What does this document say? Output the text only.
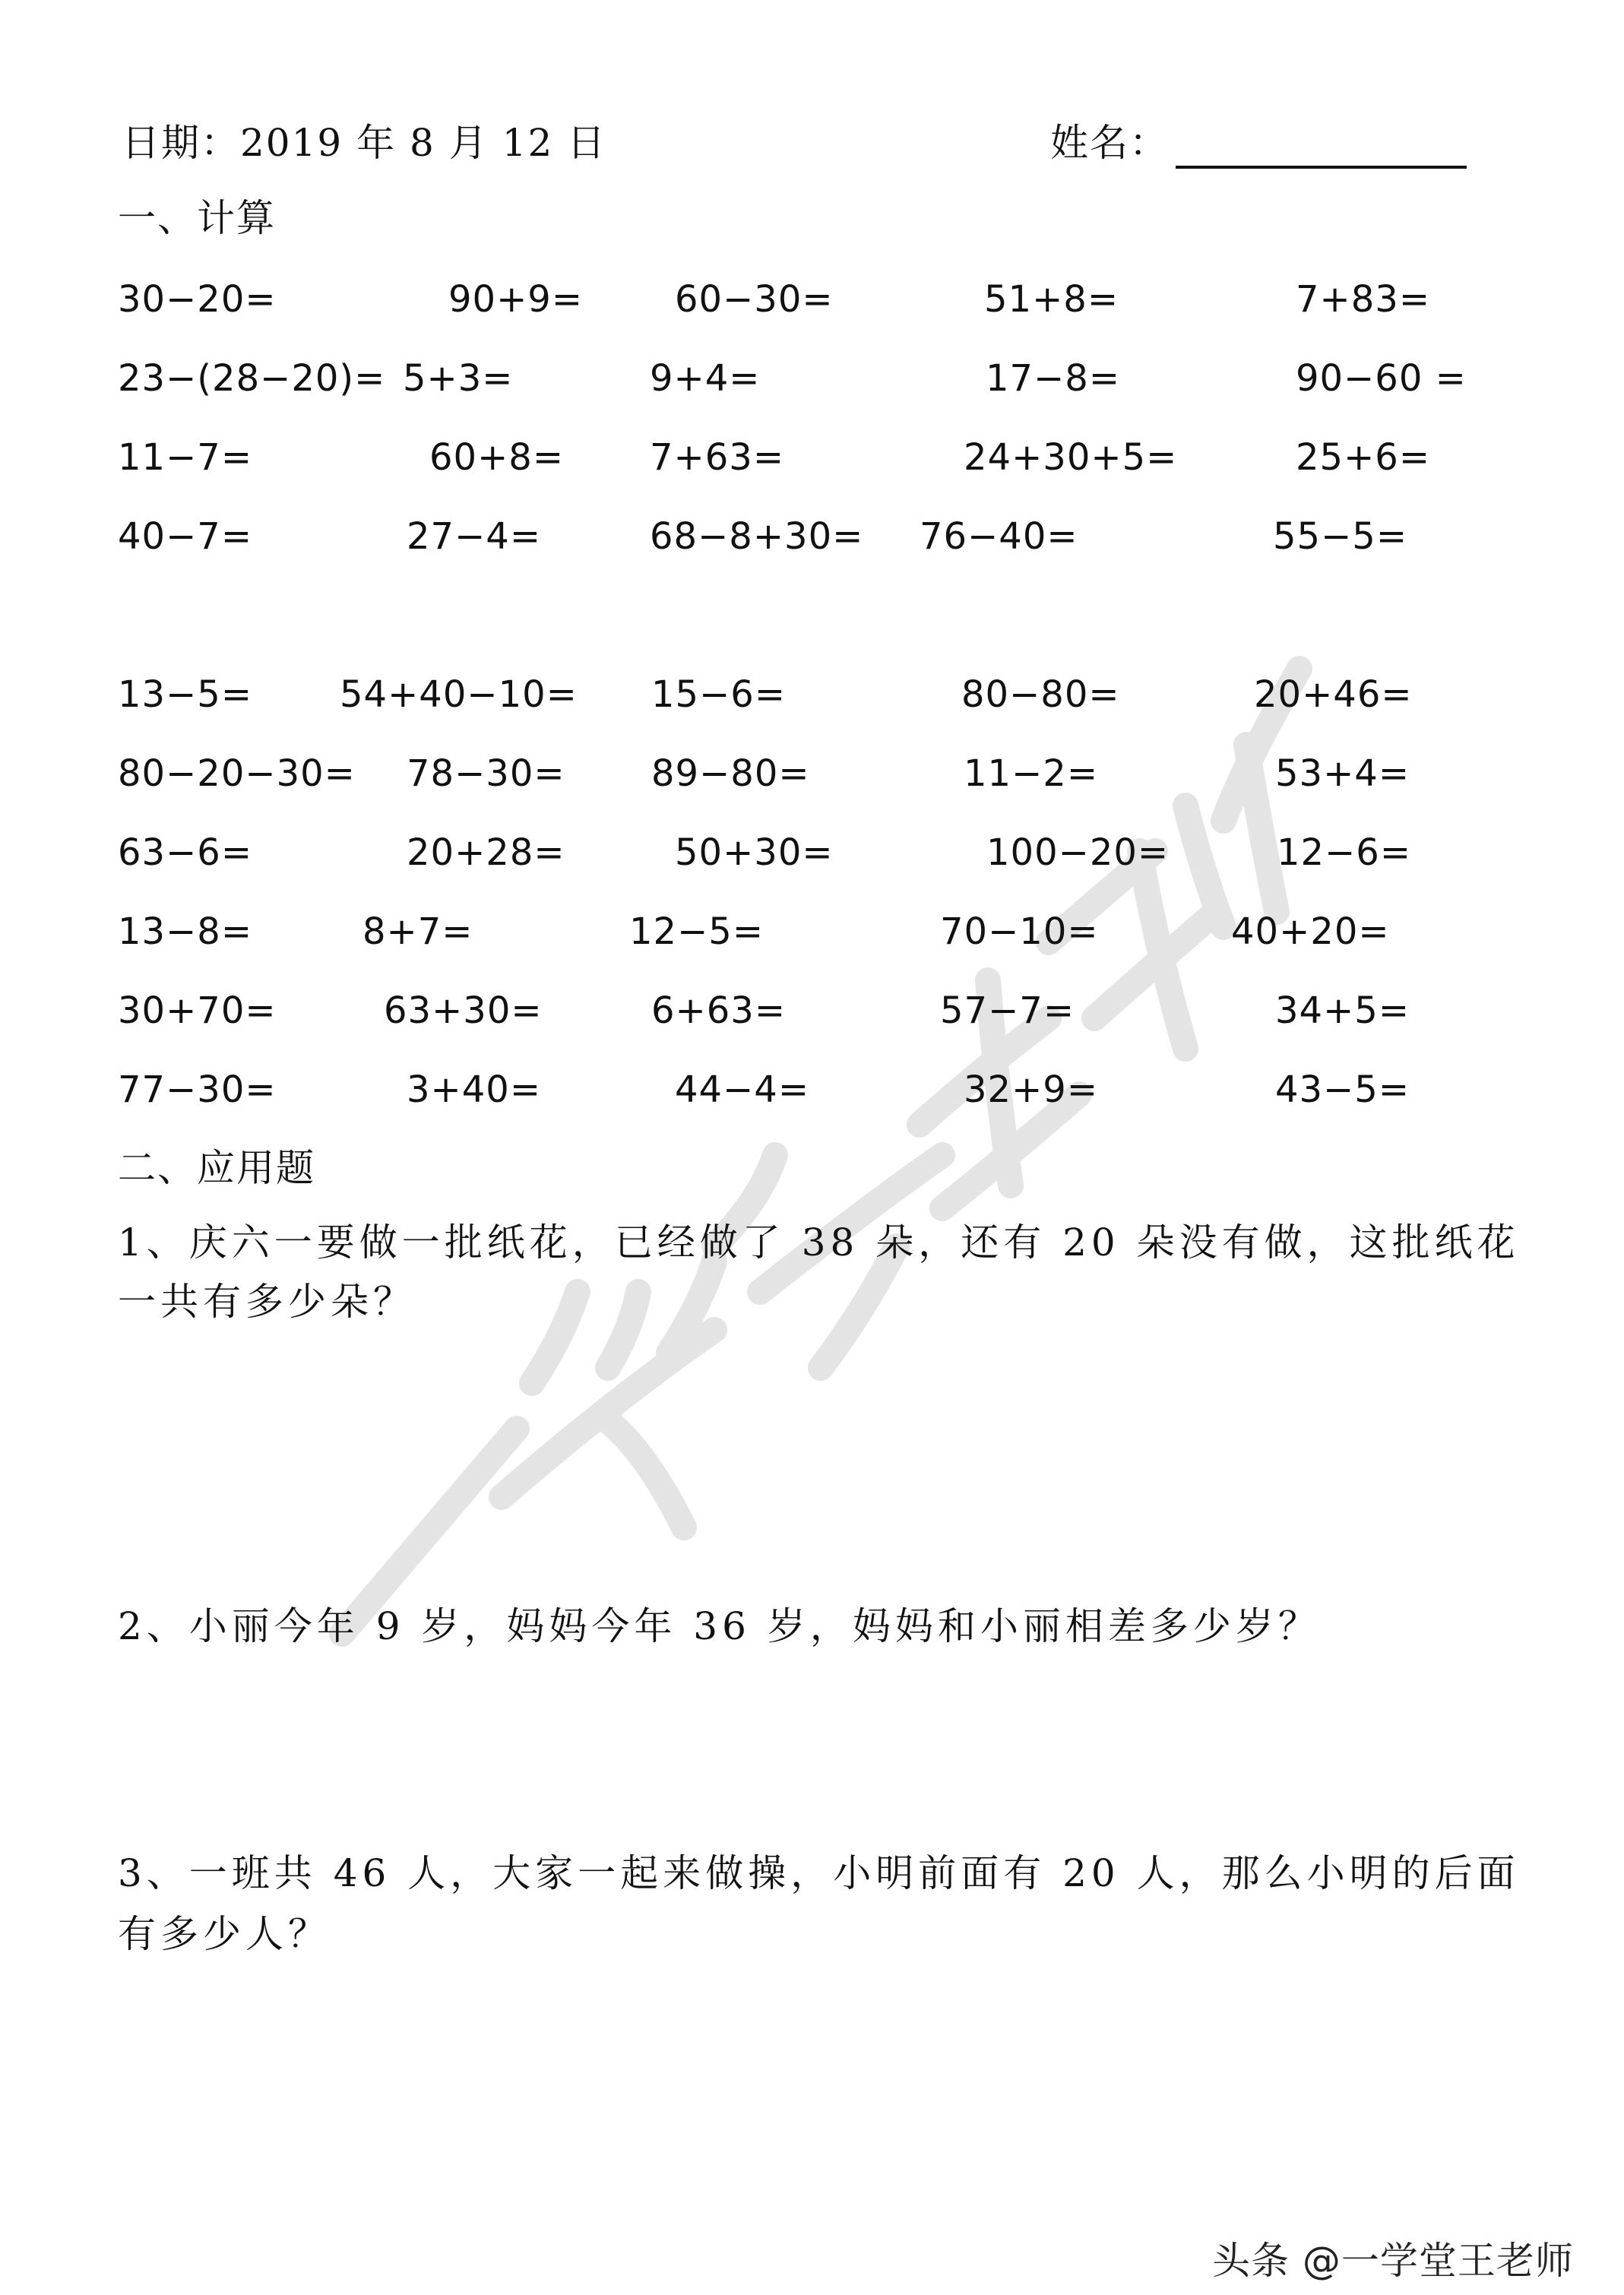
日期：2019 年 8 月 12 日	姓名：
一、计算
30−20=	90+9=	60−30=	51+8=	7+83=
23−(28−20)= 5+3=	9+4=	17−8=	90−60 =
11−7=	60+8= 7+63=	24+30+5=	25+6=
40−7=	27−4=	68−8+30= 76−40=	55−5=
13−5= 54+40−10= 15−6=	80−80=	20+46=
80−20−30= 78−30= 89−80=	11−2=	53+4=
63−6=	20+28=	50+30=	100−20=	12−6=
13−8=	8+7=	12−5=	70−10=	40+20=
30+70=	63+30=	6+63=	57−7=	34+5=
77−30=	3+40=	44−4=	32+9=	43−5=
二、应用题
1、庆六一要做一批纸花，已经做了 38 朵，还有 20 朵没有做，这批纸花
一共有多少朵？
2、小丽今年 9 岁，妈妈今年 36 岁，妈妈和小丽相差多少岁？
3、一班共 46 人，大家一起来做操，小明前面有 20 人，那么小明的后面
有多少人？
头条 @一学堂王老师
